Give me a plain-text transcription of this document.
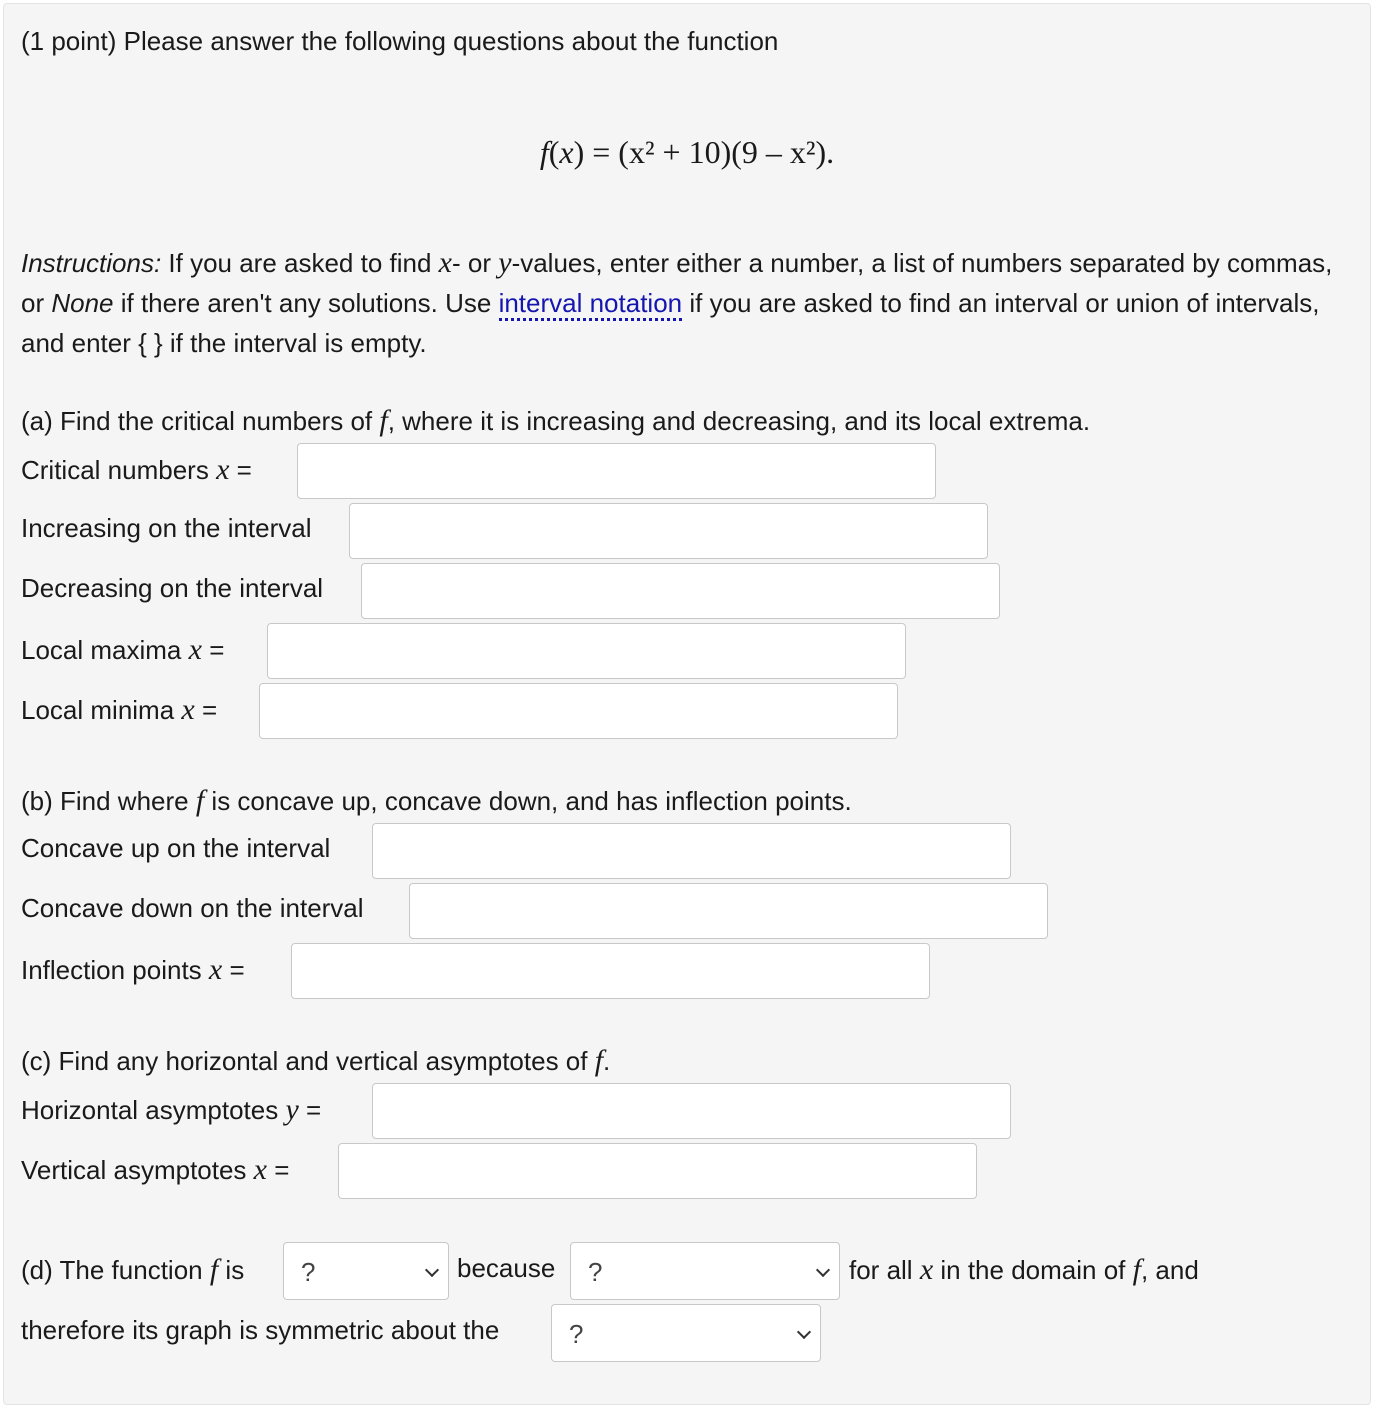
(1 point) Please answer the following questions about the function
f(x) = (x² + 10)(9 – x²).
Instructions: If you are asked to find x- or y-values, enter either a number, a list of numbers separated by commas, or None if there aren't any solutions. Use interval notation if you are asked to find an interval or union of intervals, and enter { } if the interval is empty.
(a) Find the critical numbers of f, where it is increasing and decreasing, and its local extrema.
Critical numbers x =
Increasing on the interval
Decreasing on the interval
Local maxima x =
Local minima x =
(b) Find where f is concave up, concave down, and has inflection points.
Concave up on the interval
Concave down on the interval
Inflection points x =
(c) Find any horizontal and vertical asymptotes of f.
Horizontal asymptotes y =
Vertical asymptotes x =
(d) The function f is ?	because ?	for all x in the domain of f, and
therefore its graph is symmetric about the	?
